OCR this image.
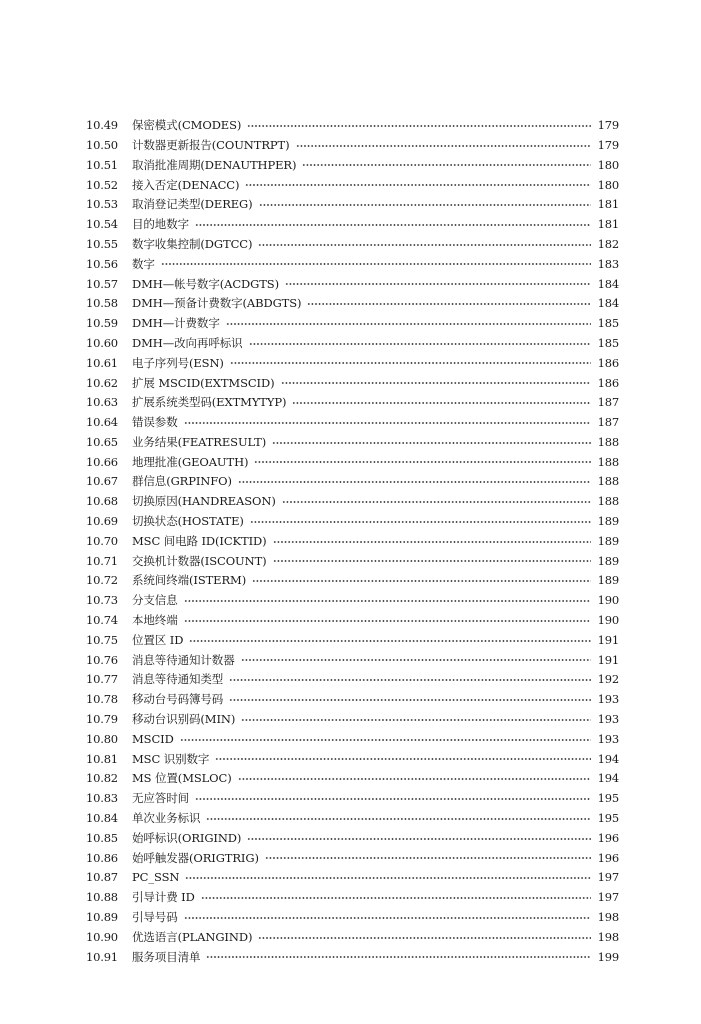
10.49	保密模式(CMODES)	179
10.50	计数器更新报告(COUNTRPT)	179
10.51	取消批准周期(DENAUTHPER)	180
10.52	接入否定(DENACC)	180
10.53	取消登记类型(DEREG)	181
10.54	目的地数字	181
10.55	数字收集控制(DGTCC)	182
10.56	数字	183
10.57	DMH—帐号数字(ACDGTS)	184
10.58	DMH—预备计费数字(ABDGTS)	184
10.59	DMH—计费数字	185
10.60	DMH—改向再呼标识	185
10.61	电子序列号(ESN)	186
10.62	扩展 MSCID(EXTMSCID)	186
10.63	扩展系统类型码(EXTMYTYP)	187
10.64	错误参数	187
10.65	业务结果(FEATRESULT)	188
10.66	地理批准(GEOAUTH)	188
10.67	群信息(GRPINFO)	188
10.68	切换原因(HANDREASON)	188
10.69	切换状态(HOSTATE)	189
10.70	MSC 间电路 ID(ICKTID)	189
10.71	交换机计数器(ISCOUNT)	189
10.72	系统间终端(ISTERM)	189
10.73	分支信息	190
10.74	本地终端	190
10.75	位置区 ID	191
10.76	消息等待通知计数器	191
10.77	消息等待通知类型	192
10.78	移动台号码簿号码	193
10.79	移动台识别码(MIN)	193
10.80	MSCID	193
10.81	MSC 识别数字	194
10.82	MS 位置(MSLOC)	194
10.83	无应答时间	195
10.84	单次业务标识	195
10.85	始呼标识(ORIGIND)	196
10.86	始呼触发器(ORIGTRIG)	196
10.87	PC_SSN	197
10.88	引导计费 ID	197
10.89	引导号码	198
10.90	优选语言(PLANGIND)	198
10.91	服务项目清单	199
